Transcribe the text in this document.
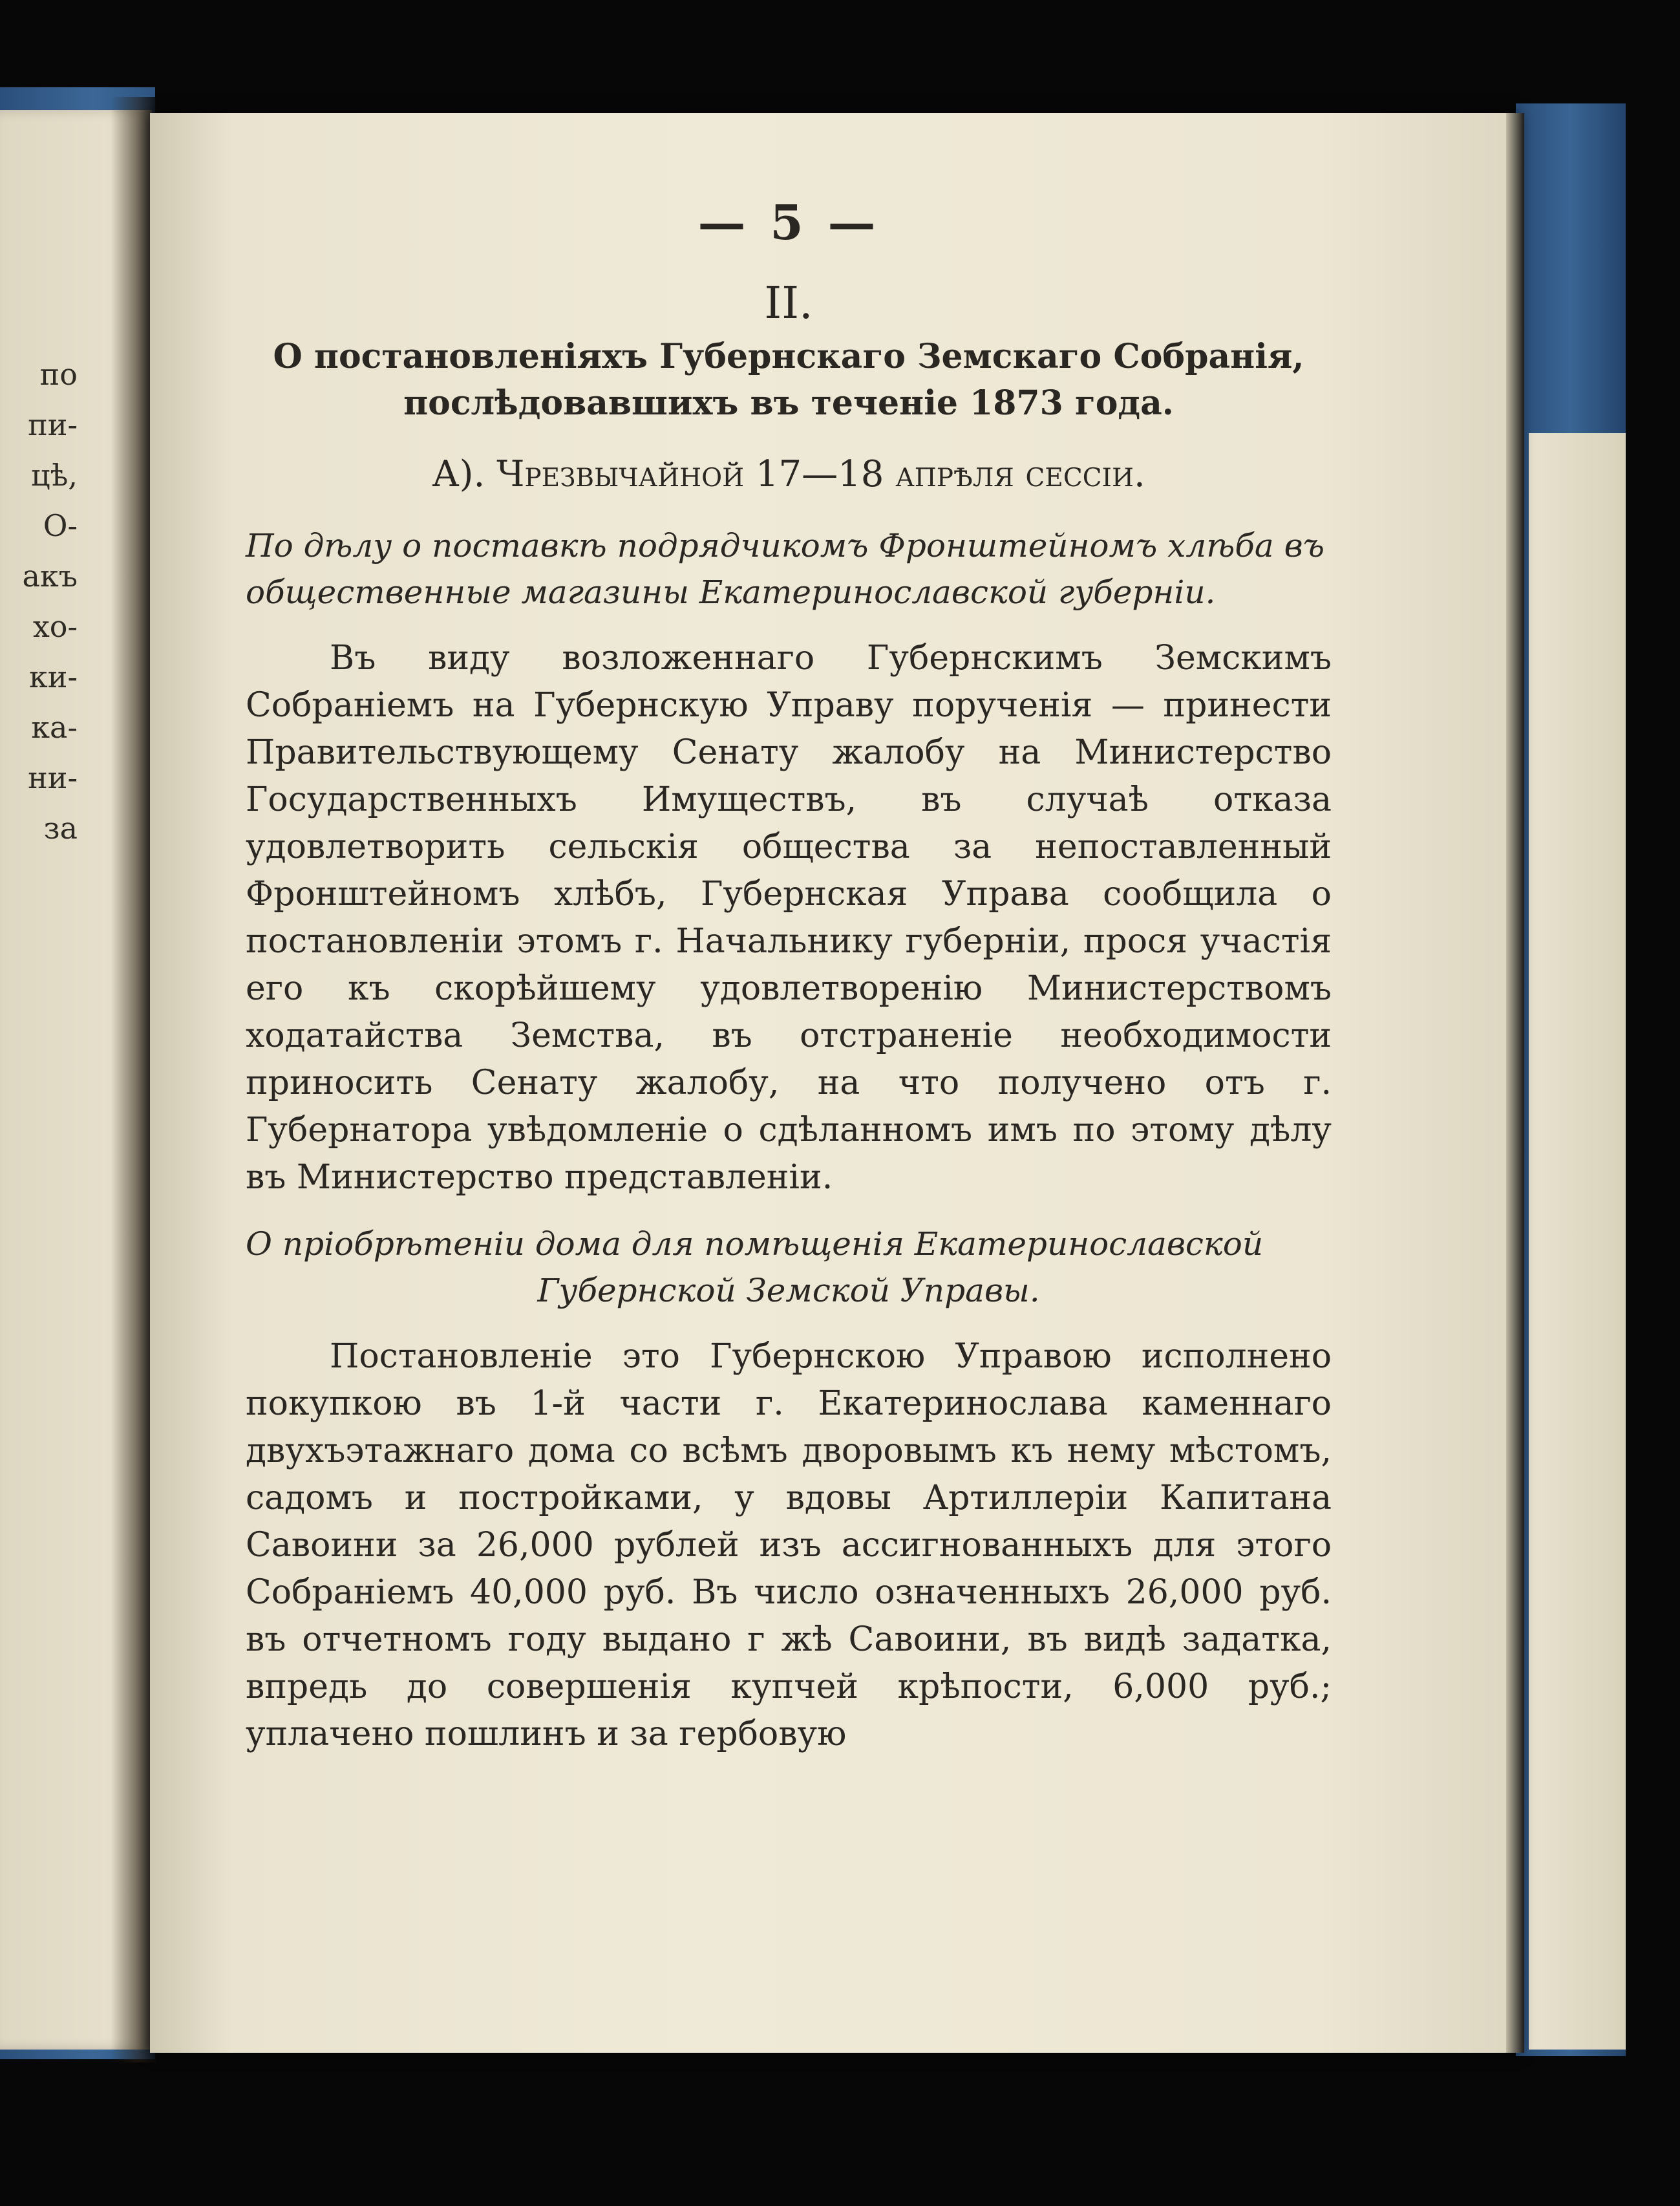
по
пи-
цѣ,
О-
акъ
хо-
ки-
ка-
ни-
за
— 5 —
II.
О постановленіяхъ Губернскаго Земскаго Собранія,
послѣдовавшихъ въ теченіе 1873 года.
А). Чрезвычайной 17—18 апрѣля сессіи.
По дѣлу о поставкѣ подрядчикомъ Фронштейномъ хлѣба въ общественные магазины Екатеринославской губерніи.
Въ виду возложеннаго Губернскимъ Земскимъ Собраніемъ на Губернскую Управу порученія — принести Правительствующему Сенату жалобу на Министерство Государственныхъ Имуществъ, въ случаѣ отказа удовлетворить сельскія общества за непоставленный Фронштейномъ хлѣбъ, Губернская Управа сообщила о постановленіи этомъ г. Начальнику губерніи, прося участія его къ скорѣйшему удовлетворенію Министерствомъ ходатайства Земства, въ отстраненіе необходимости приносить Сенату жалобу, на что получено отъ г. Губернатора увѣдомленіе о сдѣланномъ имъ по этому дѣлу въ Министерство представленіи.
О пріобрѣтеніи дома для помѣщенія Екатеринославской
Губернской Земской Управы.
Постановленіе это Губернскою Управою исполнено покупкою въ 1-й части г. Екатеринослава каменнаго двухъэтажнаго дома со всѣмъ дворовымъ къ нему мѣстомъ, садомъ и постройками, у вдовы Артиллеріи Капитана Савоини за 26,000 рублей изъ ассигнованныхъ для этого Собраніемъ 40,000 руб. Въ число означенныхъ 26,000 руб. въ отчетномъ году выдано г жѣ Савоини, въ видѣ задатка, впредь до совершенія купчей крѣпости, 6,000 руб.; уплачено пошлинъ и за гербовую
